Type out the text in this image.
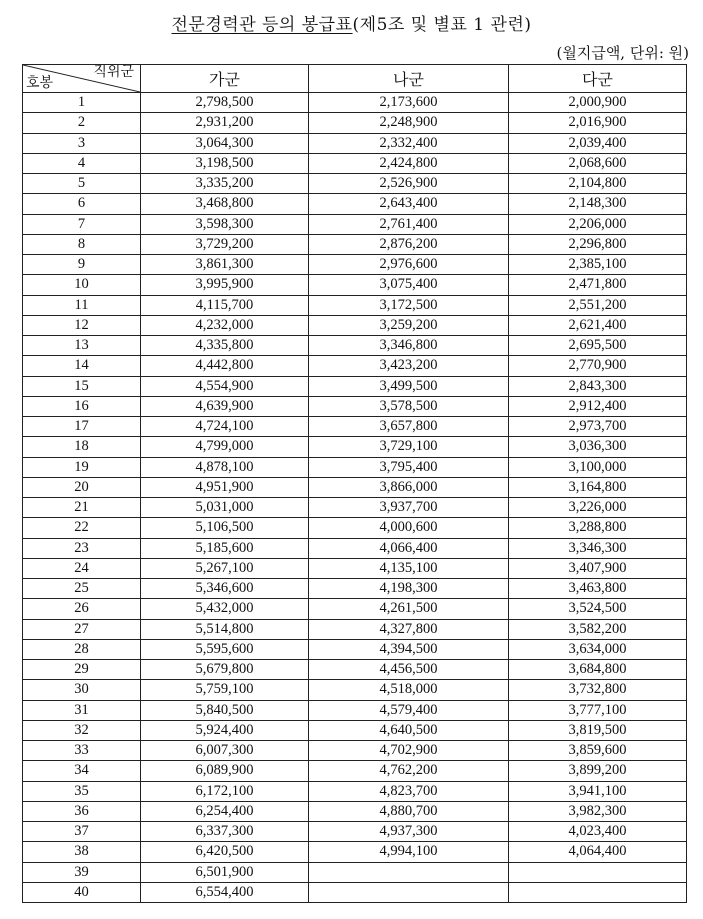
전문경력관 등의 봉급표(제5조 및 별표 1 관련)
(월지급액, 단위: 원)
직위군
호봉	가군	나군	다군
1	2,798,500	2,173,600	2,000,900
2	2,931,200	2,248,900	2,016,900
3	3,064,300	2,332,400	2,039,400
4	3,198,500	2,424,800	2,068,600
5	3,335,200	2,526,900	2,104,800
6	3,468,800	2,643,400	2,148,300
7	3,598,300	2,761,400	2,206,000
8	3,729,200	2,876,200	2,296,800
9	3,861,300	2,976,600	2,385,100
10	3,995,900	3,075,400	2,471,800
11	4,115,700	3,172,500	2,551,200
12	4,232,000	3,259,200	2,621,400
13	4,335,800	3,346,800	2,695,500
14	4,442,800	3,423,200	2,770,900
15	4,554,900	3,499,500	2,843,300
16	4,639,900	3,578,500	2,912,400
17	4,724,100	3,657,800	2,973,700
18	4,799,000	3,729,100	3,036,300
19	4,878,100	3,795,400	3,100,000
20	4,951,900	3,866,000	3,164,800
21	5,031,000	3,937,700	3,226,000
22	5,106,500	4,000,600	3,288,800
23	5,185,600	4,066,400	3,346,300
24	5,267,100	4,135,100	3,407,900
25	5,346,600	4,198,300	3,463,800
26	5,432,000	4,261,500	3,524,500
27	5,514,800	4,327,800	3,582,200
28	5,595,600	4,394,500	3,634,000
29	5,679,800	4,456,500	3,684,800
30	5,759,100	4,518,000	3,732,800
31	5,840,500	4,579,400	3,777,100
32	5,924,400	4,640,500	3,819,500
33	6,007,300	4,702,900	3,859,600
34	6,089,900	4,762,200	3,899,200
35	6,172,100	4,823,700	3,941,100
36	6,254,400	4,880,700	3,982,300
37	6,337,300	4,937,300	4,023,400
38	6,420,500	4,994,100	4,064,400
39	6,501,900		
40	6,554,400		
